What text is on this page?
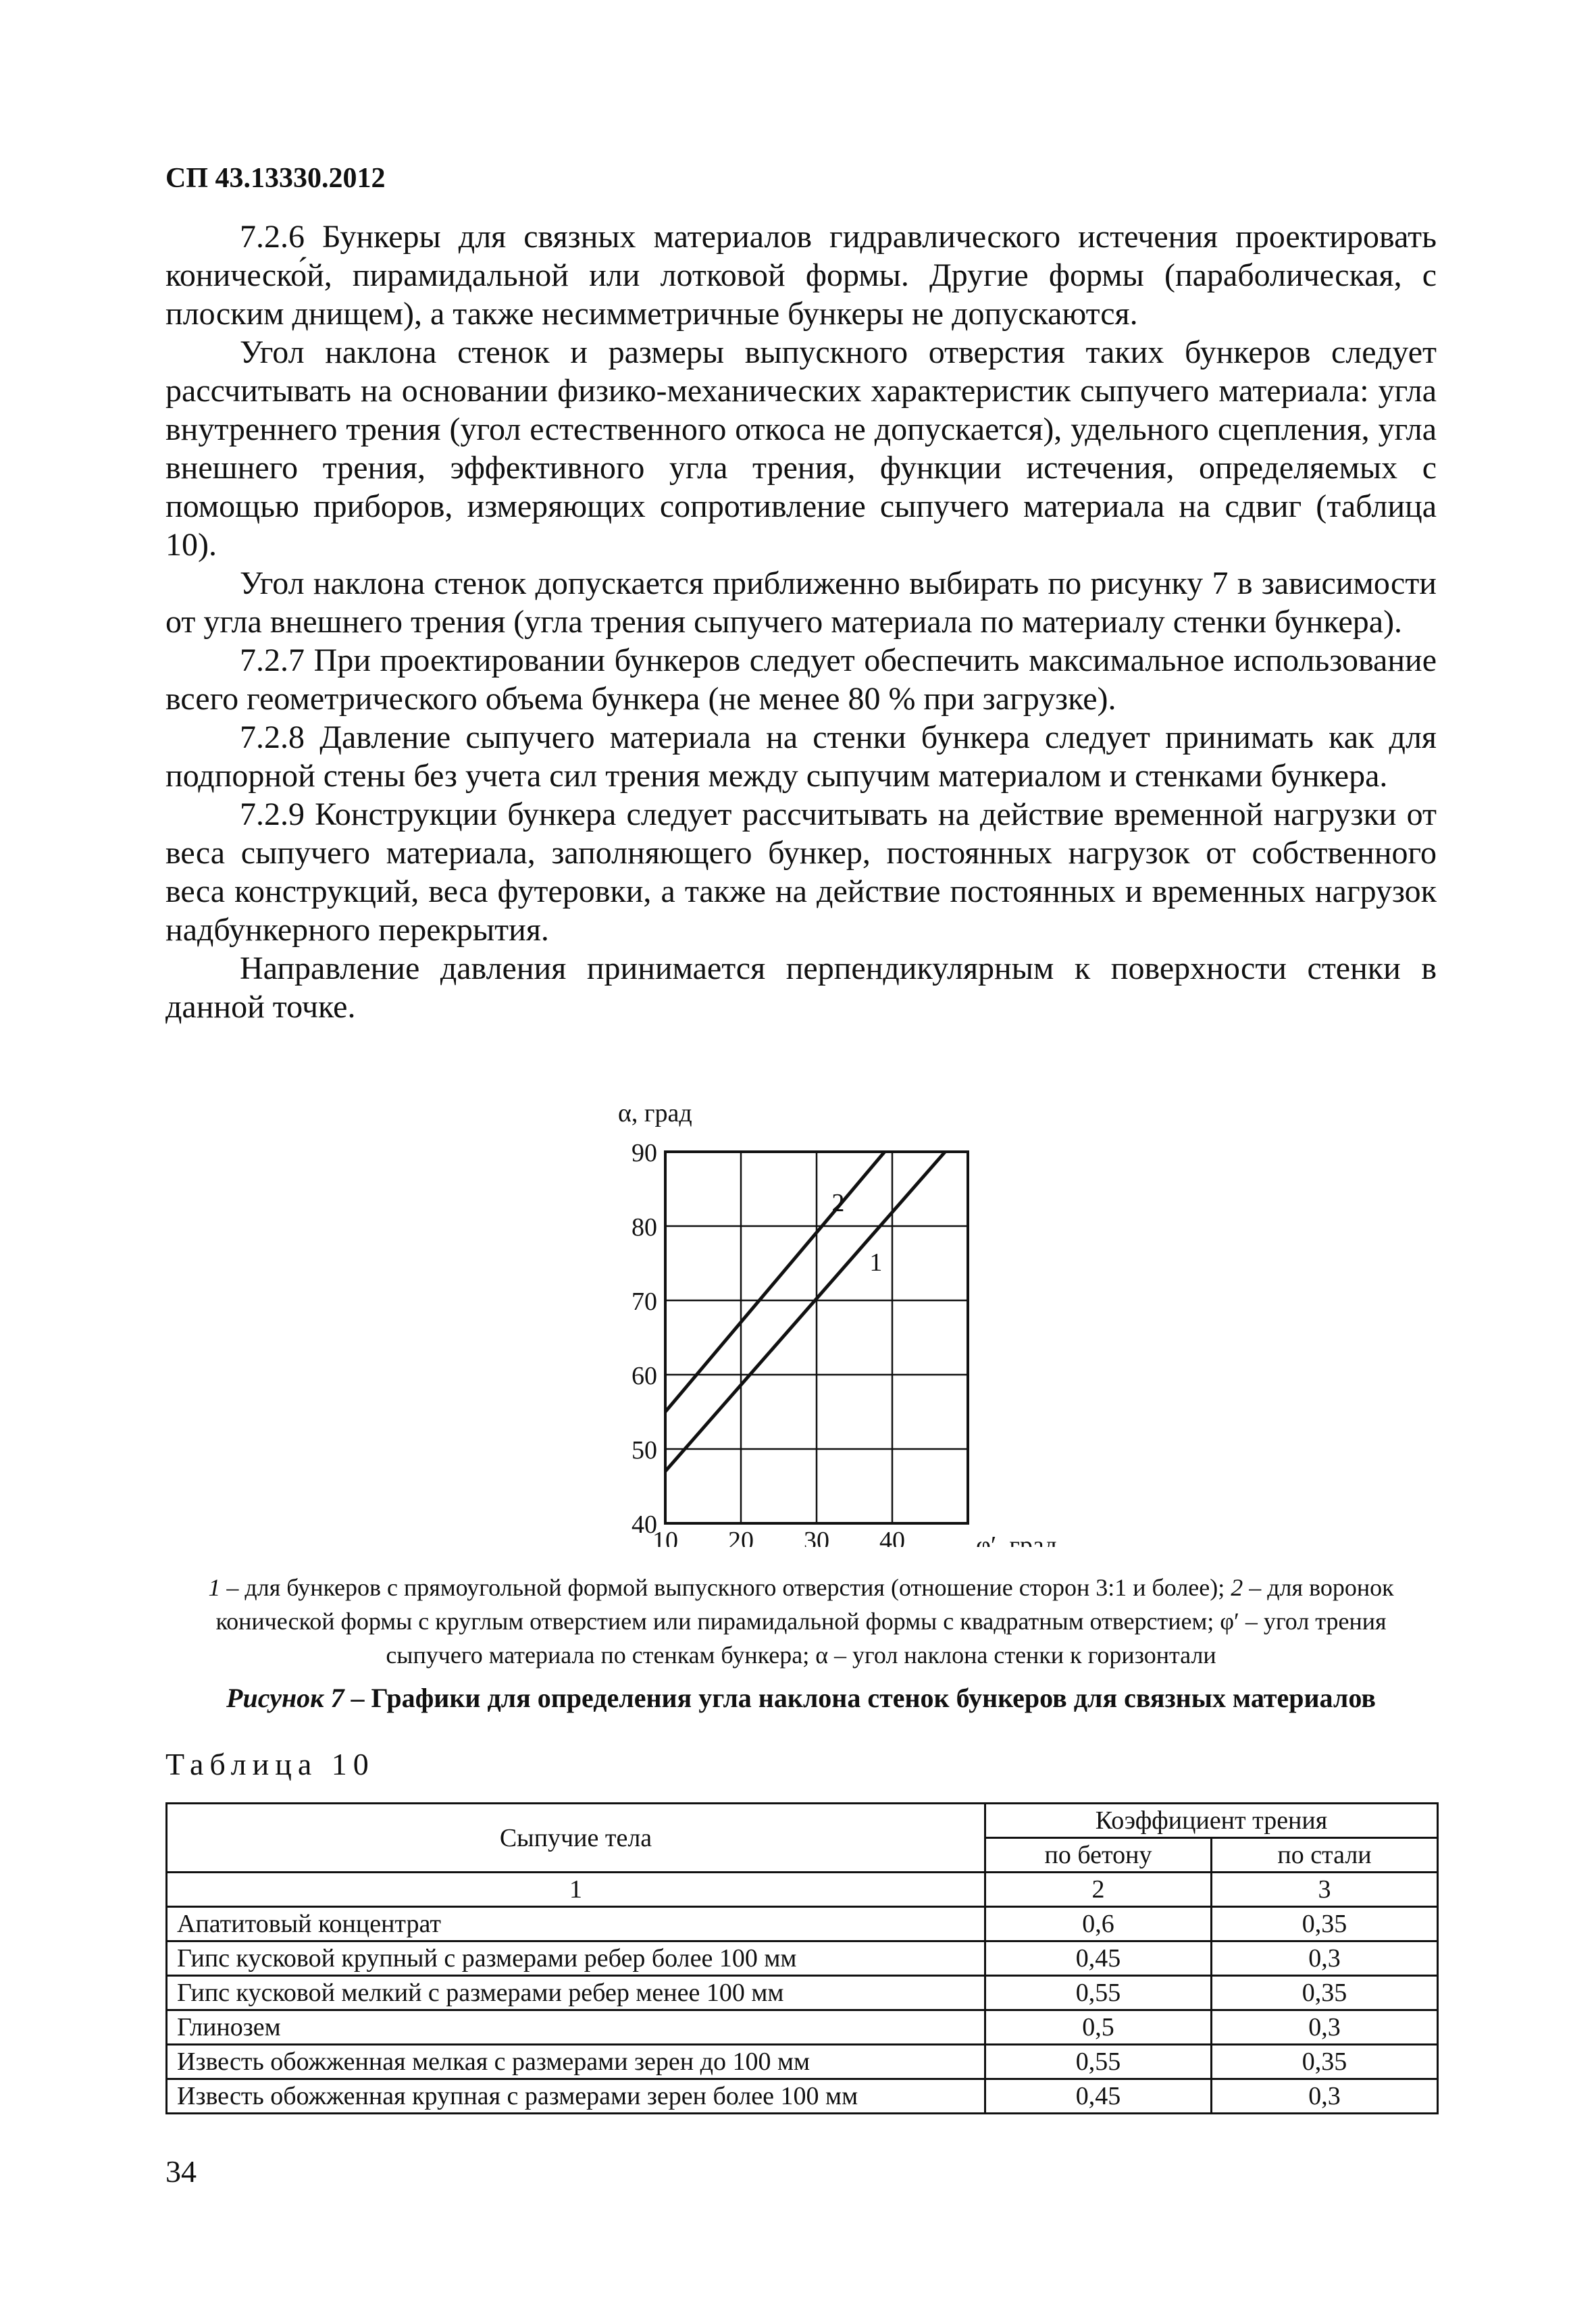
СП 43.13330.2012

7.2.6 Бункеры для связных материалов гидравлического истечения проектировать коническо́й, пирамидальной или лотковой формы. Другие формы (параболическая, с плоским днищем), а также несимметричные бункеры не допускаются.

Угол наклона стенок и размеры выпускного отверстия таких бункеров следует рассчитывать на основании физико-механических характеристик сыпучего материала: угла внутреннего трения (угол естественного откоса не допускается), удельного сцепления, угла внешнего трения, эффективного угла трения, функции истечения, определяемых с помощью приборов, измеряющих сопротивление сыпучего материала на сдвиг (таблица 10).

Угол наклона стенок допускается приближенно выбирать по рисунку 7 в зависимости от угла внешнего трения (угла трения сыпучего материала по материалу стенки бункера).

7.2.7 При проектировании бункеров следует обеспечить максимальное использование всего геометрического объема бункера (не менее 80 % при загрузке).

7.2.8 Давление сыпучего материала на стенки бункера следует принимать как для подпорной стены без учета сил трения между сыпучим материалом и стенками бункера.

7.2.9 Конструкции бункера следует рассчитывать на действие временной нагрузки от веса сыпучего материала, заполняющего бункер, постоянных нагрузок от собственного веса конструкций, веса футеровки, а также на действие постоянных и временных нагрузок надбункерного перекрытия.

Направление давления принимается перпендикулярным к поверхности стенки в данной точке.

1
2
90
80
70
60
50
40
10 20 30 40
α, град
φ′, град
1 – для бункеров с прямоугольной формой выпускного отверстия (отношение сторон 3:1 и более); 2 – для воронок конической формы с круглым отверстием или пирамидальной формы с квадратным отверстием; φ′ – угол трения сыпучего материала по стенкам бункера; α – угол наклона стенки к горизонтали
Рисунок 7 – Графики для определения угла наклона стенок бункеров для связных материалов
Таблица 10
Сыпучие тела	Коэффициент трения	
	по бетону	по стали
1	2	3
Апатитовый концентрат	0,6	0,35
Гипс кусковой крупный с размерами ребер более 100 мм	0,45	0,3
Гипс кусковой мелкий с размерами ребер менее 100 мм	0,55	0,35
Глинозем	0,5	0,3
Известь обожженная мелкая с размерами зерен до 100 мм	0,55	0,35
Известь обожженная крупная с размерами зерен более 100 мм	0,45	0,3
34
